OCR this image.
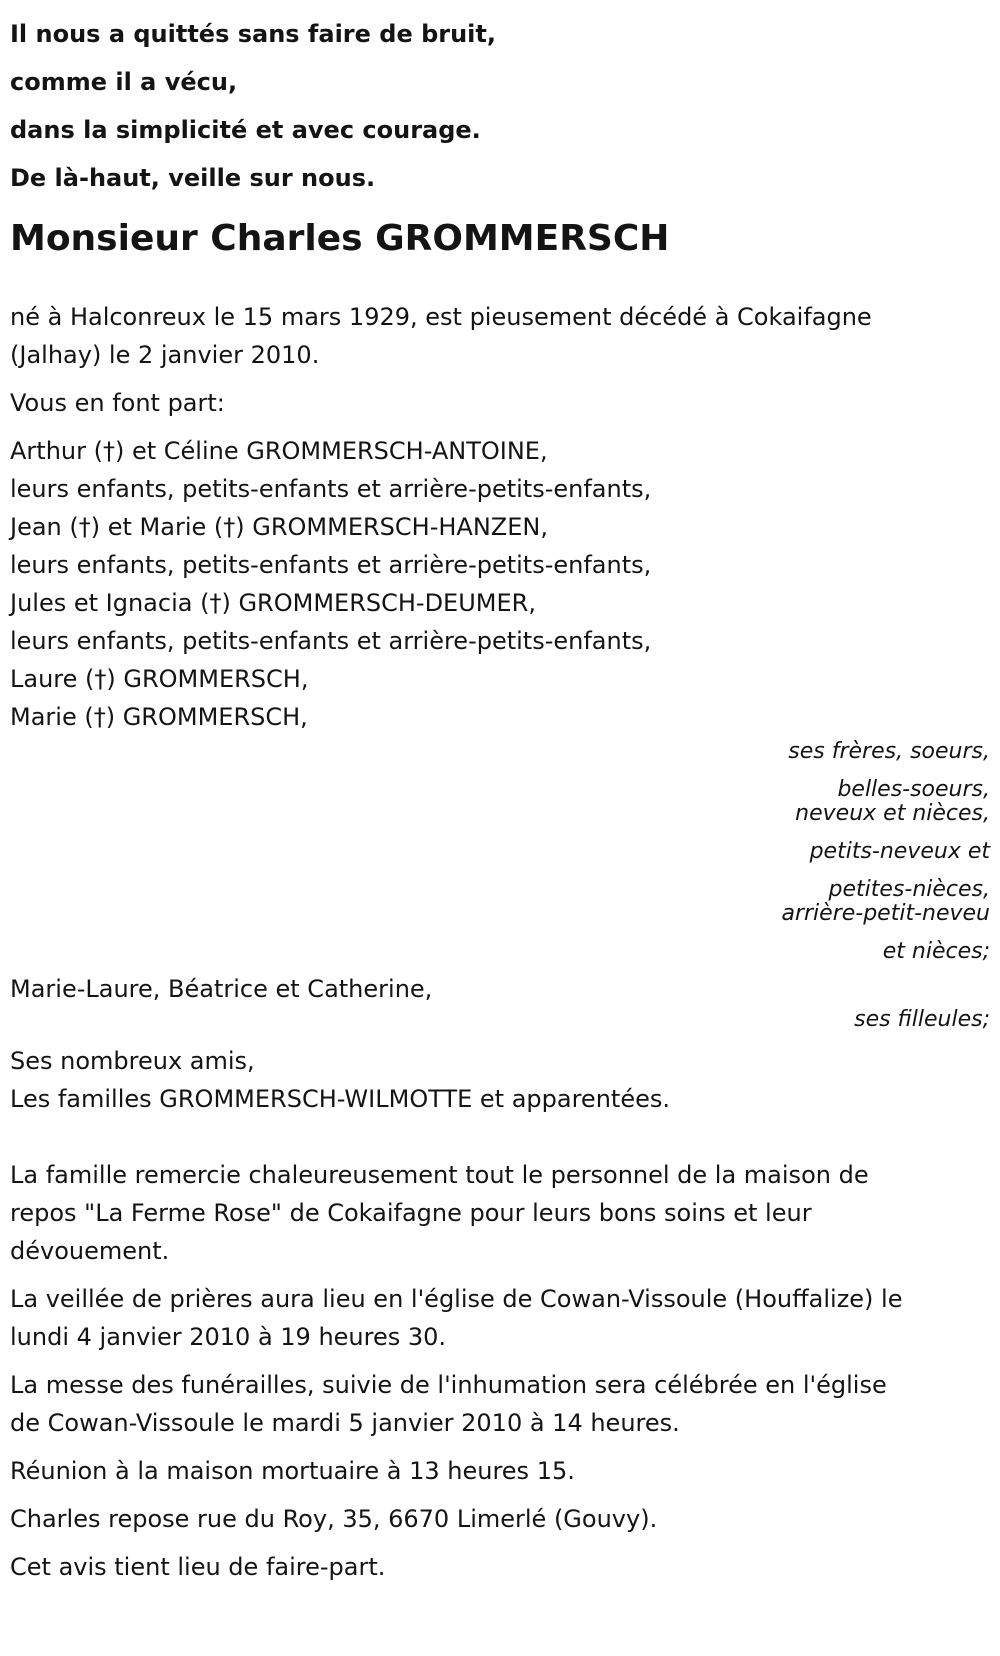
Il nous a quittés sans faire de bruit,
comme il a vécu,
dans la simplicité et avec courage.
De là-haut, veille sur nous.
Monsieur Charles GROMMERSCH
né à Halconreux le 15 mars 1929, est pieusement décédé à Cokaifagne
(Jalhay) le 2 janvier 2010.
Vous en font part:
Arthur (†) et Céline GROMMERSCH-ANTOINE,
leurs enfants, petits-enfants et arrière-petits-enfants,
Jean (†) et Marie (†) GROMMERSCH-HANZEN,
leurs enfants, petits-enfants et arrière-petits-enfants,
Jules et Ignacia (†) GROMMERSCH-DEUMER,
leurs enfants, petits-enfants et arrière-petits-enfants,
Laure (†) GROMMERSCH,
Marie (†) GROMMERSCH,
ses frères, soeurs,
belles-soeurs,
neveux et nièces,
petits-neveux et
petites-nièces,
arrière-petit-neveu
et nièces;
Marie-Laure, Béatrice et Catherine,
ses filleules;
Ses nombreux amis,
Les familles GROMMERSCH-WILMOTTE et apparentées.
La famille remercie chaleureusement tout le personnel de la maison de
repos "La Ferme Rose" de Cokaifagne pour leurs bons soins et leur
dévouement.
La veillée de prières aura lieu en l'église de Cowan-Vissoule (Houffalize) le
lundi 4 janvier 2010 à 19 heures 30.
La messe des funérailles, suivie de l'inhumation sera célébrée en l'église
de Cowan-Vissoule le mardi 5 janvier 2010 à 14 heures.
Réunion à la maison mortuaire à 13 heures 15.
Charles repose rue du Roy, 35, 6670 Limerlé (Gouvy).
Cet avis tient lieu de faire-part.
